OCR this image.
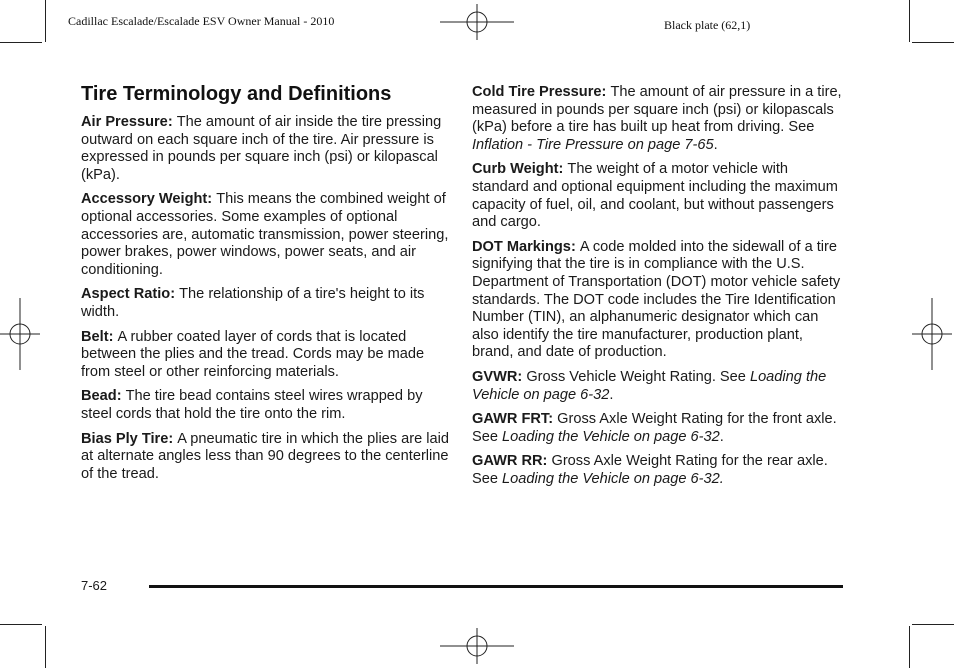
Cadillac Escalade/Escalade ESV Owner Manual - 2010	Black plate (62,1)
Tire Terminology and Definitions

Air Pressure: The amount of air inside the tire pressing outward on each square inch of the tire. Air pressure is expressed in pounds per square inch (psi) or kilopascal (kPa).

Accessory Weight: This means the combined weight of optional accessories. Some examples of optional accessories are, automatic transmission, power steering, power brakes, power windows, power seats, and air conditioning.

Aspect Ratio: The relationship of a tire's height to its width.

Belt: A rubber coated layer of cords that is located between the plies and the tread. Cords may be made from steel or other reinforcing materials.

Bead: The tire bead contains steel wires wrapped by steel cords that hold the tire onto the rim.

Bias Ply Tire: A pneumatic tire in which the plies are laid at alternate angles less than 90 degrees to the centerline of the tread.

Cold Tire Pressure: The amount of air pressure in a tire, measured in pounds per square inch (psi) or kilopascals (kPa) before a tire has built up heat from driving. See Inflation - Tire Pressure on page 7-65.

Curb Weight: The weight of a motor vehicle with standard and optional equipment including the maximum capacity of fuel, oil, and coolant, but without passengers and cargo.

DOT Markings: A code molded into the sidewall of a tire signifying that the tire is in compliance with the U.S. Department of Transportation (DOT) motor vehicle safety standards. The DOT code includes the Tire Identification Number (TIN), an alphanumeric designator which can also identify the tire manufacturer, production plant, brand, and date of production.

GVWR: Gross Vehicle Weight Rating. See Loading the Vehicle on page 6-32.

GAWR FRT: Gross Axle Weight Rating for the front axle. See Loading the Vehicle on page 6-32.

GAWR RR: Gross Axle Weight Rating for the rear axle. See Loading the Vehicle on page 6-32.

7-62
